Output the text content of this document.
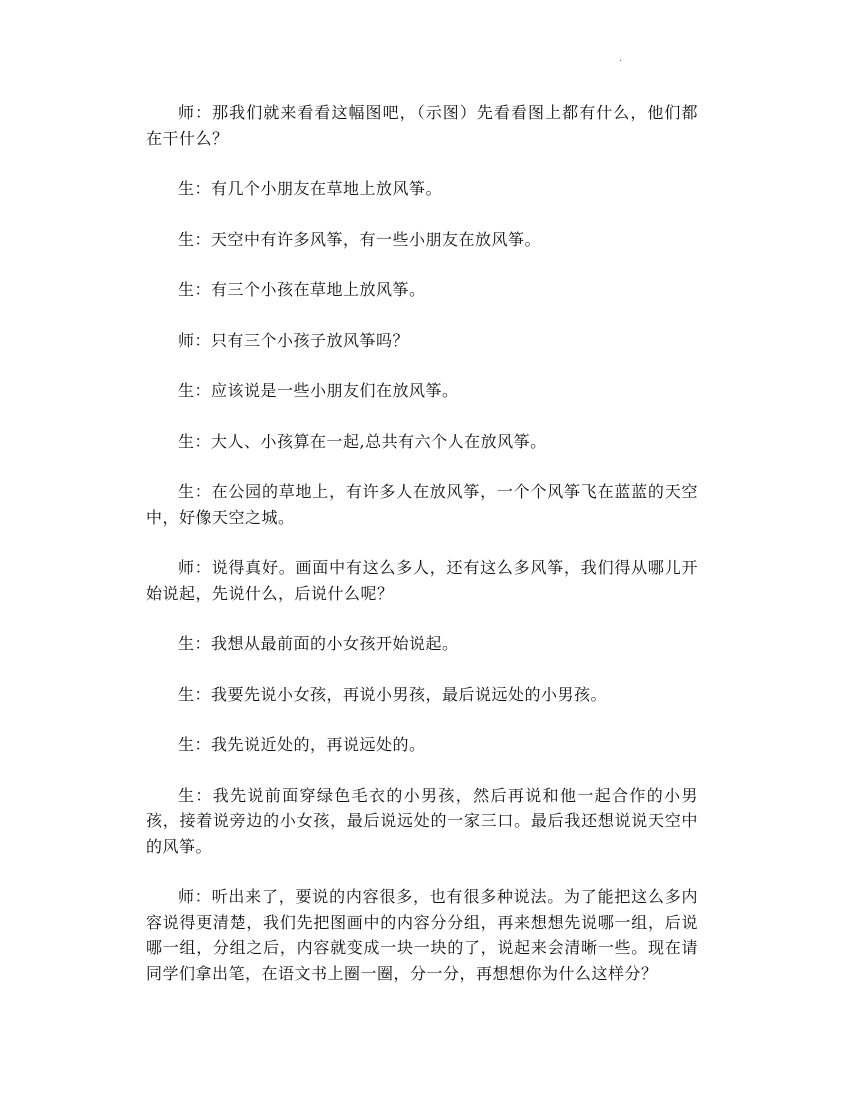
.

师：那我们就来看看这幅图吧，（示图）先看看图上都有什么，他们都在干什么？

生：有几个小朋友在草地上放风筝。

生：天空中有许多风筝，有一些小朋友在放风筝。

生：有三个小孩在草地上放风筝。

师：只有三个小孩子放风筝吗？

生：应该说是一些小朋友们在放风筝。

生：大人、小孩算在一起,总共有六个人在放风筝。

生：在公园的草地上，有许多人在放风筝，一个个风筝飞在蓝蓝的天空中，好像天空之城。

师：说得真好。画面中有这么多人，还有这么多风筝，我们得从哪儿开始说起，先说什么，后说什么呢？

生：我想从最前面的小女孩开始说起。

生：我要先说小女孩，再说小男孩，最后说远处的小男孩。

生：我先说近处的，再说远处的。

生：我先说前面穿绿色毛衣的小男孩，然后再说和他一起合作的小男孩，接着说旁边的小女孩，最后说远处的一家三口。最后我还想说说天空中的风筝。

师：听出来了，要说的内容很多，也有很多种说法。为了能把这么多内容说得更清楚，我们先把图画中的内容分分组，再来想想先说哪一组，后说哪一组，分组之后，内容就变成一块一块的了，说起来会清晰一些。现在请同学们拿出笔，在语文书上圈一圈，分一分，再想想你为什么这样分？
